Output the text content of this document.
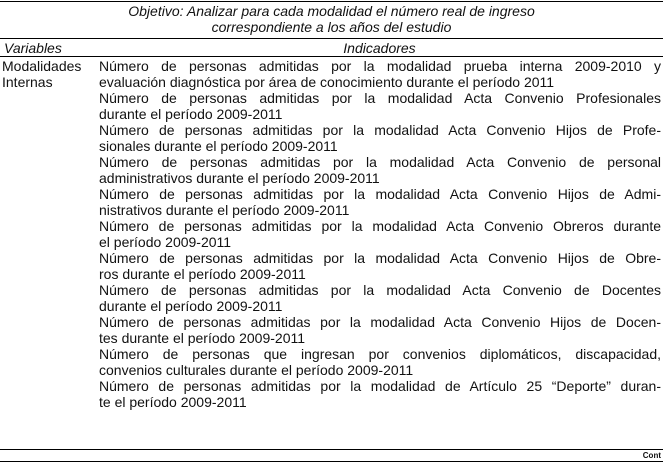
Objetivo: Analizar para cada modalidad el número real de ingreso
correspondiente a los años del estudio
Variables	Indicadores
Modalidades
Internas
Número de personas admitidas por la modalidad prueba interna 2009-2010 y
evaluación diagnóstica por área de conocimiento durante el período 2011
Número de personas admitidas por la modalidad Acta Convenio Profesionales
durante el período 2009-2011
Número de personas admitidas por la modalidad Acta Convenio Hijos de Profe-
sionales durante el período 2009-2011
Número de personas admitidas por la modalidad Acta Convenio de personal
administrativos durante el período 2009-2011
Número de personas admitidas por la modalidad Acta Convenio Hijos de Admi-
nistrativos durante el período 2009-2011
Número de personas admitidas por la modalidad Acta Convenio Obreros durante
el período 2009-2011
Número de personas admitidas por la modalidad Acta Convenio Hijos de Obre-
ros durante el período 2009-2011
Número de personas admitidas por la modalidad Acta Convenio de Docentes
durante el período 2009-2011
Número de personas admitidas por la modalidad Acta Convenio Hijos de Docen-
tes durante el período 2009-2011
Número de personas que ingresan por convenios diplomáticos, discapacidad,
convenios culturales durante el período 2009-2011
Número de personas admitidas por la modalidad de Artículo 25 “Deporte” duran-
te el período 2009-2011
Cont
